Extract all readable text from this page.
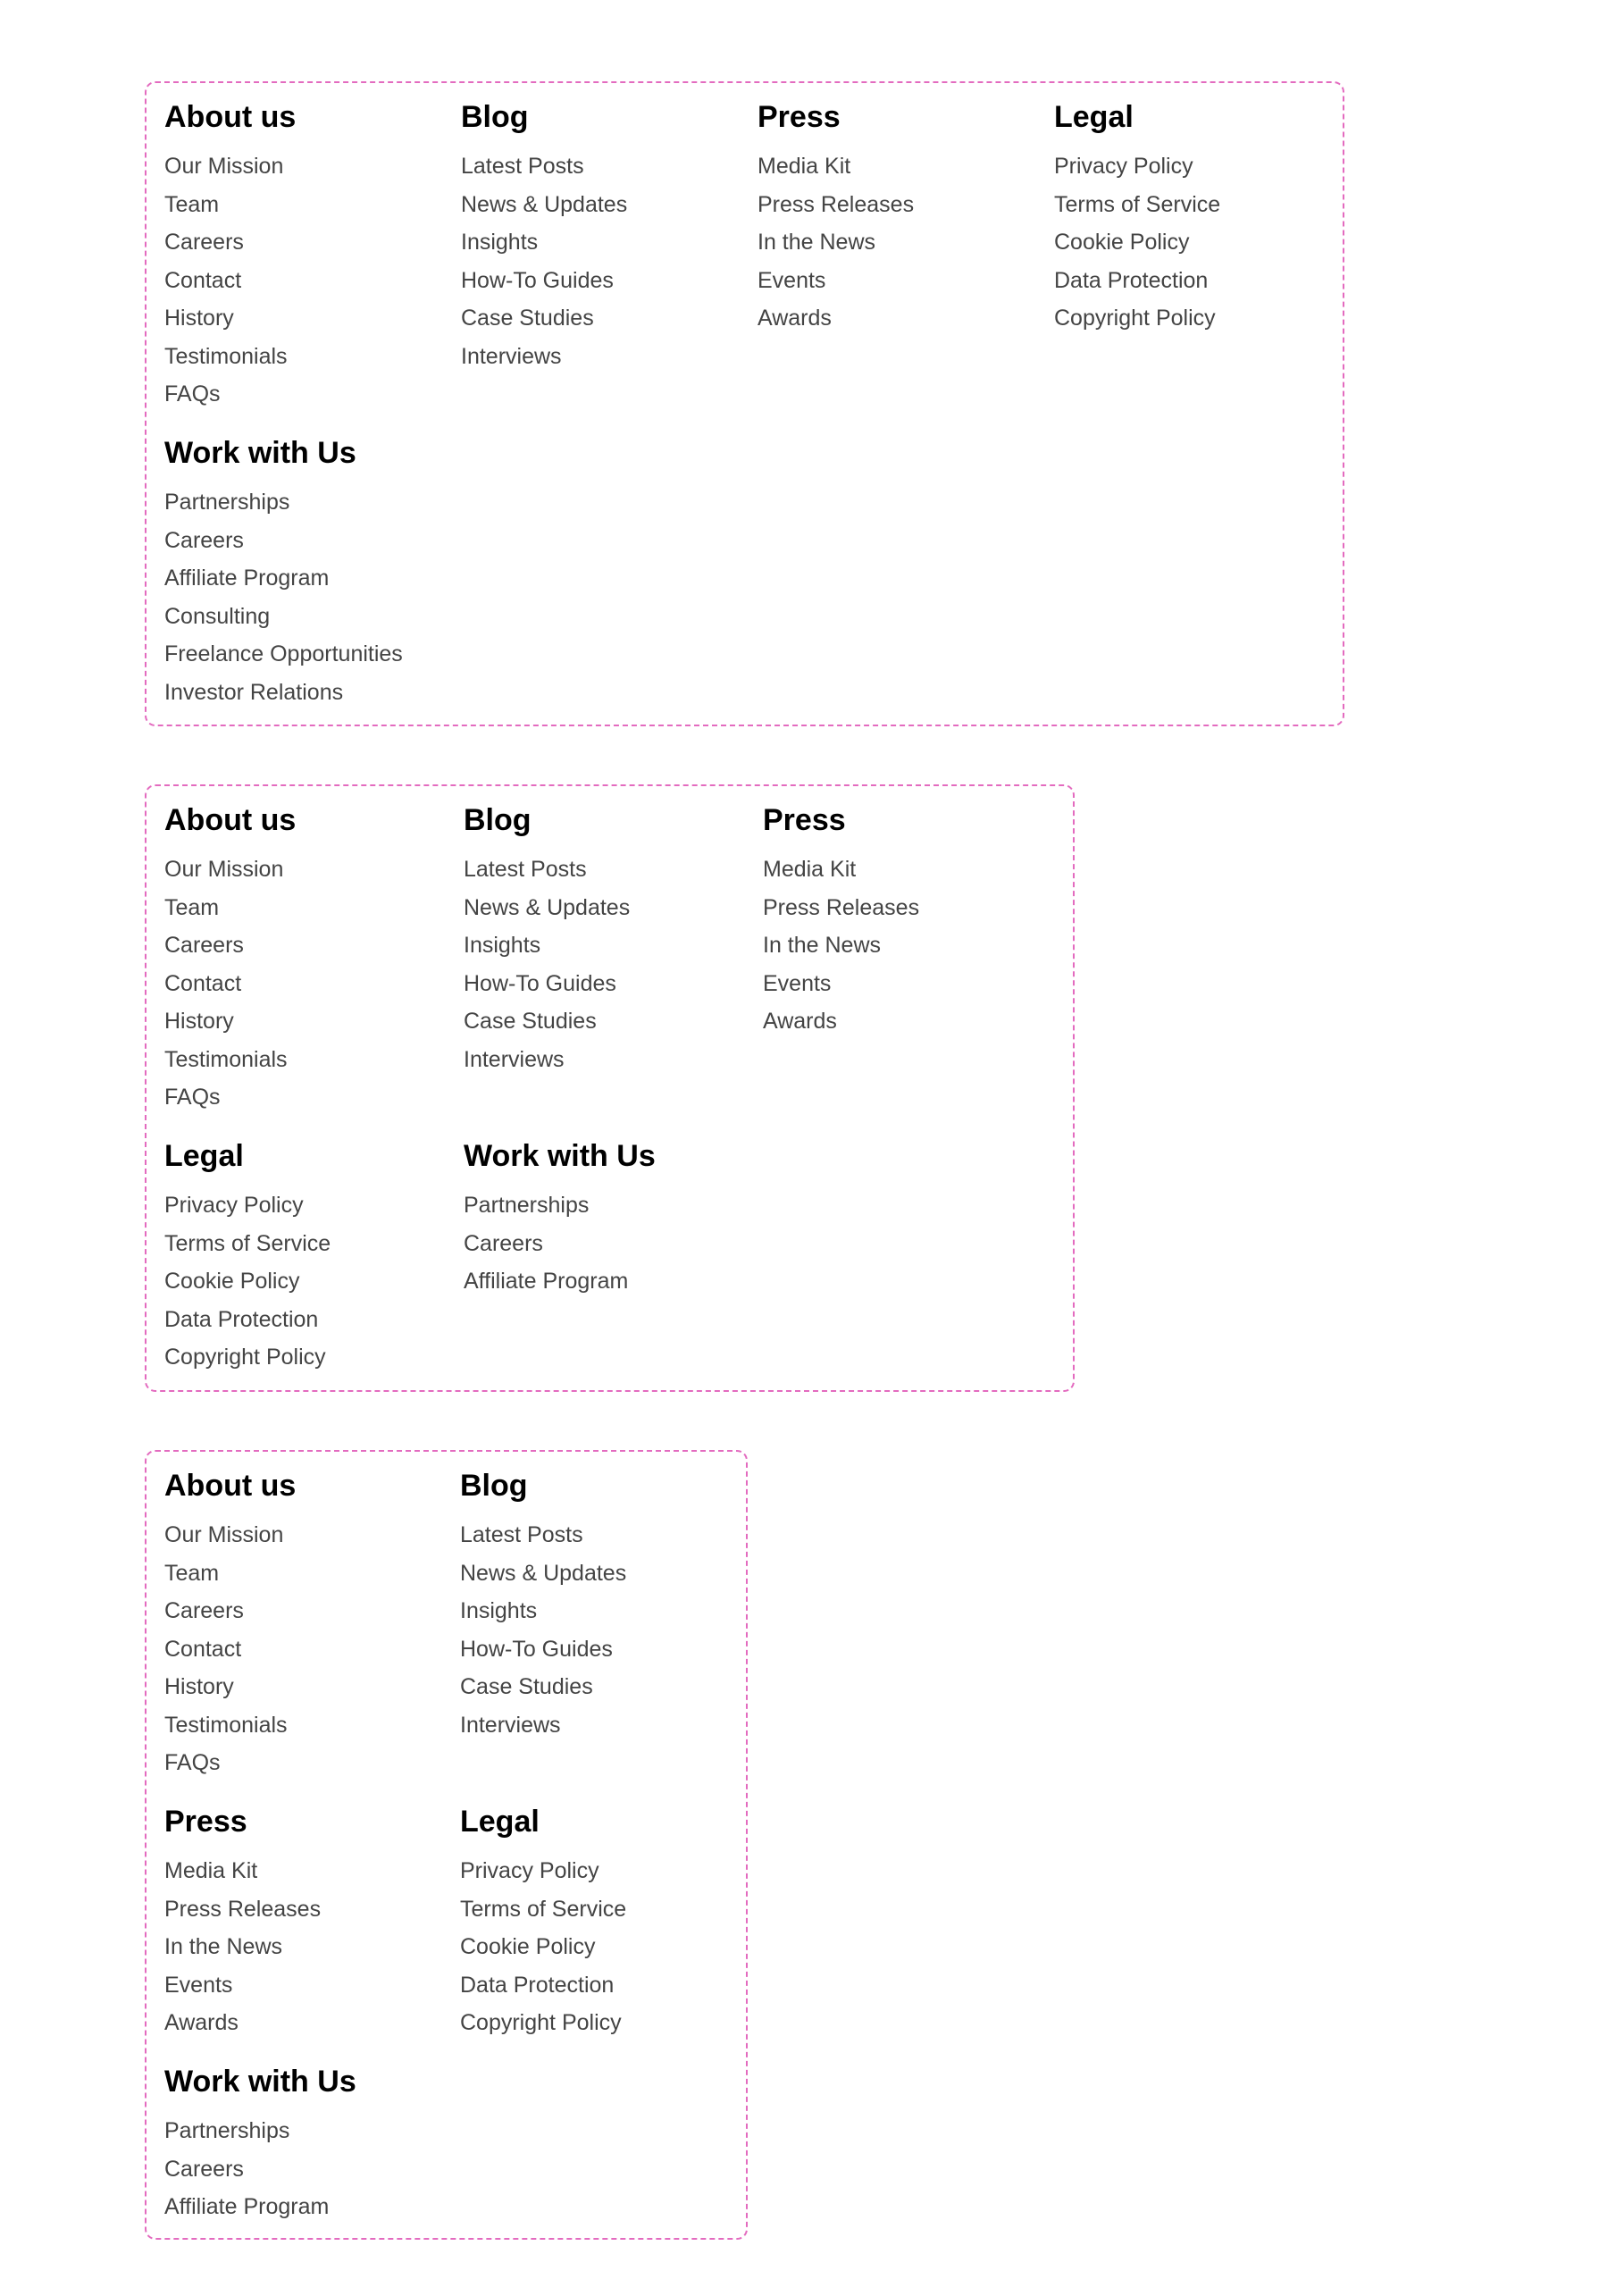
About us
Our Mission
Team
Careers
Contact
History
Testimonials
FAQs
Blog
Latest Posts
News & Updates
Insights
How-To Guides
Case Studies
Interviews
Press
Media Kit
Press Releases
In the News
Events
Awards
Legal
Privacy Policy
Terms of Service
Cookie Policy
Data Protection
Copyright Policy
Work with Us
Partnerships
Careers
Affiliate Program
Consulting
Freelance Opportunities
Investor Relations
About us
Our Mission
Team
Careers
Contact
History
Testimonials
FAQs
Blog
Latest Posts
News & Updates
Insights
How-To Guides
Case Studies
Interviews
Press
Media Kit
Press Releases
In the News
Events
Awards
Legal
Privacy Policy
Terms of Service
Cookie Policy
Data Protection
Copyright Policy
Work with Us
Partnerships
Careers
Affiliate Program
About us
Our Mission
Team
Careers
Contact
History
Testimonials
FAQs
Blog
Latest Posts
News & Updates
Insights
How-To Guides
Case Studies
Interviews
Press
Media Kit
Press Releases
In the News
Events
Awards
Legal
Privacy Policy
Terms of Service
Cookie Policy
Data Protection
Copyright Policy
Work with Us
Partnerships
Careers
Affiliate Program
